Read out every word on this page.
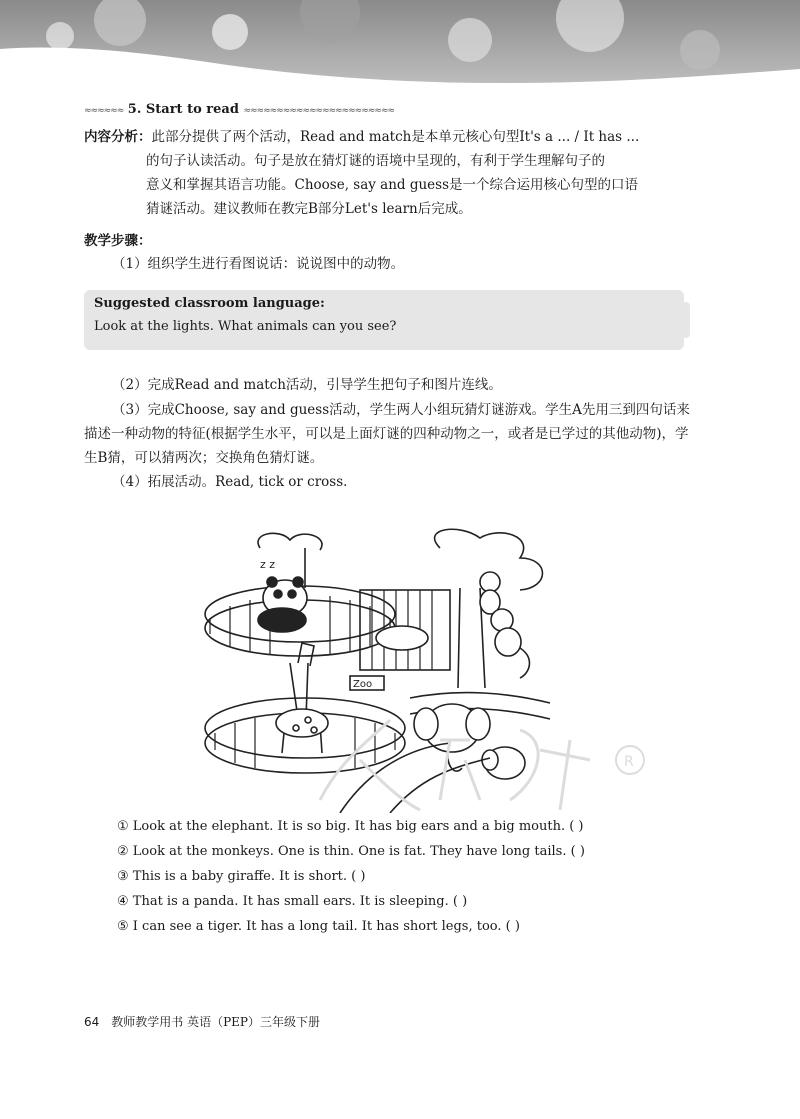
≈≈≈≈≈≈ 5. Start to read ≈≈≈≈≈≈≈≈≈≈≈≈≈≈≈≈≈≈≈≈≈≈≈
内容分析：此部分提供了两个活动，Read and match是本单元核心句型It's a ... / It has ...
的句子认读活动。句子是放在猜灯谜的语境中呈现的，有利于学生理解句子的
意义和掌握其语言功能。Choose, say and guess是一个综合运用核心句型的口语
猜谜活动。建议教师在教完B部分Let's learn后完成。
教学步骤：
（1）组织学生进行看图说话：说说图中的动物。
Suggested classroom language:
Look at the lights. What animals can you see?
（2）完成Read and match活动，引导学生把句子和图片连线。
（3）完成Choose, say and guess活动，学生两人小组玩猜灯谜游戏。学生A先用三到四句话来描述一种动物的特征(根据学生水平，可以是上面灯谜的四种动物之一，或者是已学过的其他动物)，学生B猜，可以猜两次；交换角色猜灯谜。
（4）拓展活动。Read, tick or cross.
z z
Zoo
R
① Look at the elephant. It is so big. It has big ears and a big mouth. ( )
② Look at the monkeys. One is thin. One is fat. They have long tails. ( )
③ This is a baby giraffe. It is short. ( )
④ That is a panda. It has small ears. It is sleeping. ( )
⑤ I can see a tiger. It has a long tail. It has short legs, too. ( )
64 教师教学用书 英语（PEP）三年级下册
